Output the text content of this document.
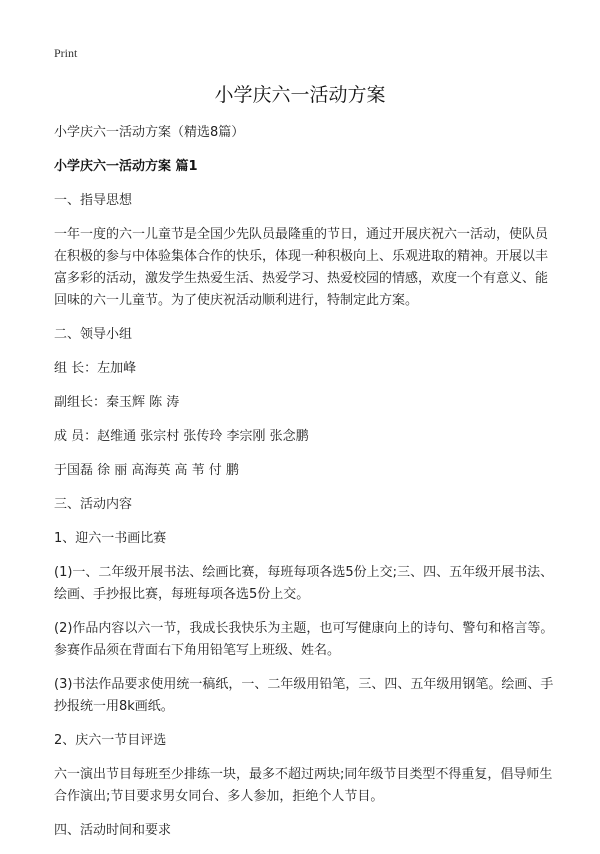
Print
小学庆六一活动方案

小学庆六一活动方案（精选8篇）

小学庆六一活动方案 篇1

一、指导思想

一年一度的六一儿童节是全国少先队员最隆重的节日，通过开展庆祝六一活动，使队员在积极的参与中体验集体合作的快乐，体现一种积极向上、乐观进取的精神。开展以丰富多彩的活动，激发学生热爱生活、热爱学习、热爱校园的情感，欢度一个有意义、能回味的六一儿童节。为了使庆祝活动顺利进行，特制定此方案。

二、领导小组

组 长：左加峰

副组长：秦玉辉 陈 涛

成 员：赵维通 张宗村 张传玲 李宗刚 张念鹏

于国磊 徐 丽 高海英 高 苇 付 鹏

三、活动内容

1、迎六一书画比赛

(1)一、二年级开展书法、绘画比赛，每班每项各选5份上交;三、四、五年级开展书法、绘画、手抄报比赛，每班每项各选5份上交。

(2)作品内容以六一节，我成长我快乐为主题，也可写健康向上的诗句、警句和格言等。参赛作品须在背面右下角用铅笔写上班级、姓名。

(3)书法作品要求使用统一稿纸，一、二年级用铅笔，三、四、五年级用钢笔。绘画、手抄报统一用8k画纸。

2、庆六一节目评选

六一演出节目每班至少排练一块，最多不超过两块;同年级节目类型不得重复，倡导师生合作演出;节目要求男女同台、多人参加，拒绝个人节目。

四、活动时间和要求
